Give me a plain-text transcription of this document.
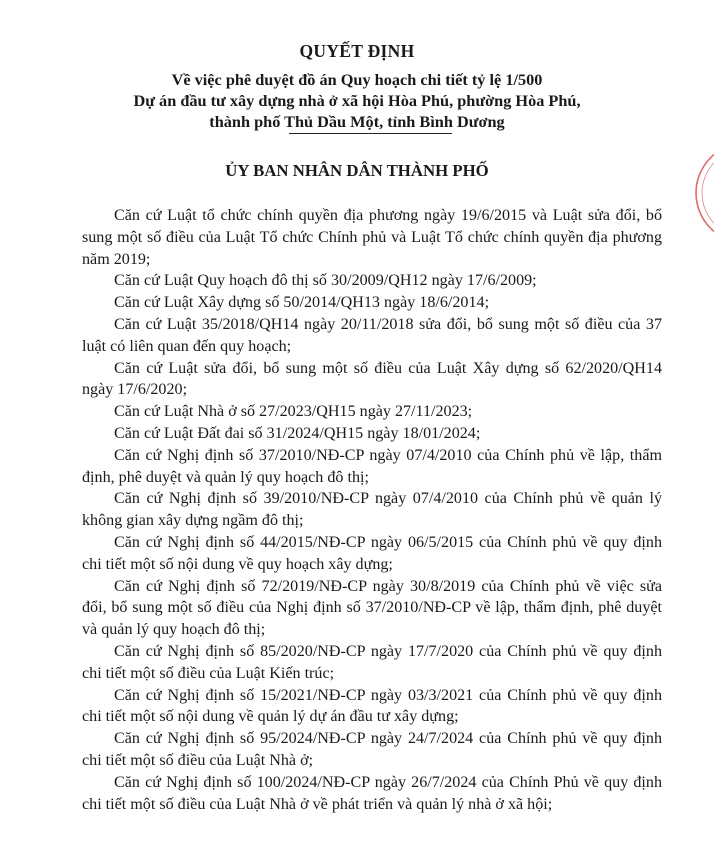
QUYẾT ĐỊNH
Về việc phê duyệt đồ án Quy hoạch chi tiết tỷ lệ 1/500
Dự án đầu tư xây dựng nhà ở xã hội Hòa Phú, phường Hòa Phú,
thành phố Thủ Dầu Một, tỉnh Bình Dương
ỦY BAN NHÂN DÂN THÀNH PHỐ

Căn cứ Luật tổ chức chính quyền địa phương ngày 19/6/2015 và Luật sửa đổi, bổ sung một số điều của Luật Tổ chức Chính phủ và Luật Tổ chức chính quyền địa phương năm 2019;

Căn cứ Luật Quy hoạch đô thị số 30/2009/QH12 ngày 17/6/2009;

Căn cứ Luật Xây dựng số 50/2014/QH13 ngày 18/6/2014;

Căn cứ Luật 35/2018/QH14 ngày 20/11/2018 sửa đổi, bổ sung một số điều của 37 luật có liên quan đến quy hoạch;

Căn cứ Luật sửa đổi, bổ sung một số điều của Luật Xây dựng số 62/2020/QH14 ngày 17/6/2020;

Căn cứ Luật Nhà ở số 27/2023/QH15 ngày 27/11/2023;

Căn cứ Luật Đất đai số 31/2024/QH15 ngày 18/01/2024;

Căn cứ Nghị định số 37/2010/NĐ-CP ngày 07/4/2010 của Chính phủ về lập, thẩm định, phê duyệt và quản lý quy hoạch đô thị;

Căn cứ Nghị định số 39/2010/NĐ-CP ngày 07/4/2010 của Chính phủ về quản lý không gian xây dựng ngầm đô thị;

Căn cứ Nghị định số 44/2015/NĐ-CP ngày 06/5/2015 của Chính phủ về quy định chi tiết một số nội dung về quy hoạch xây dựng;

Căn cứ Nghị định số 72/2019/NĐ-CP ngày 30/8/2019 của Chính phủ về việc sửa đổi, bổ sung một số điều của Nghị định số 37/2010/NĐ-CP về lập, thẩm định, phê duyệt và quản lý quy hoạch đô thị;

Căn cứ Nghị định số 85/2020/NĐ-CP ngày 17/7/2020 của Chính phủ về quy định chi tiết một số điều của Luật Kiến trúc;

Căn cứ Nghị định số 15/2021/NĐ-CP ngày 03/3/2021 của Chính phủ về quy định chi tiết một số nội dung về quản lý dự án đầu tư xây dựng;

Căn cứ Nghị định số 95/2024/NĐ-CP ngày 24/7/2024 của Chính phủ về quy định chi tiết một số điều của Luật Nhà ở;

Căn cứ Nghị định số 100/2024/NĐ-CP ngày 26/7/2024 của Chính Phủ về quy định chi tiết một số điều của Luật Nhà ở về phát triển và quản lý nhà ở xã hội;
